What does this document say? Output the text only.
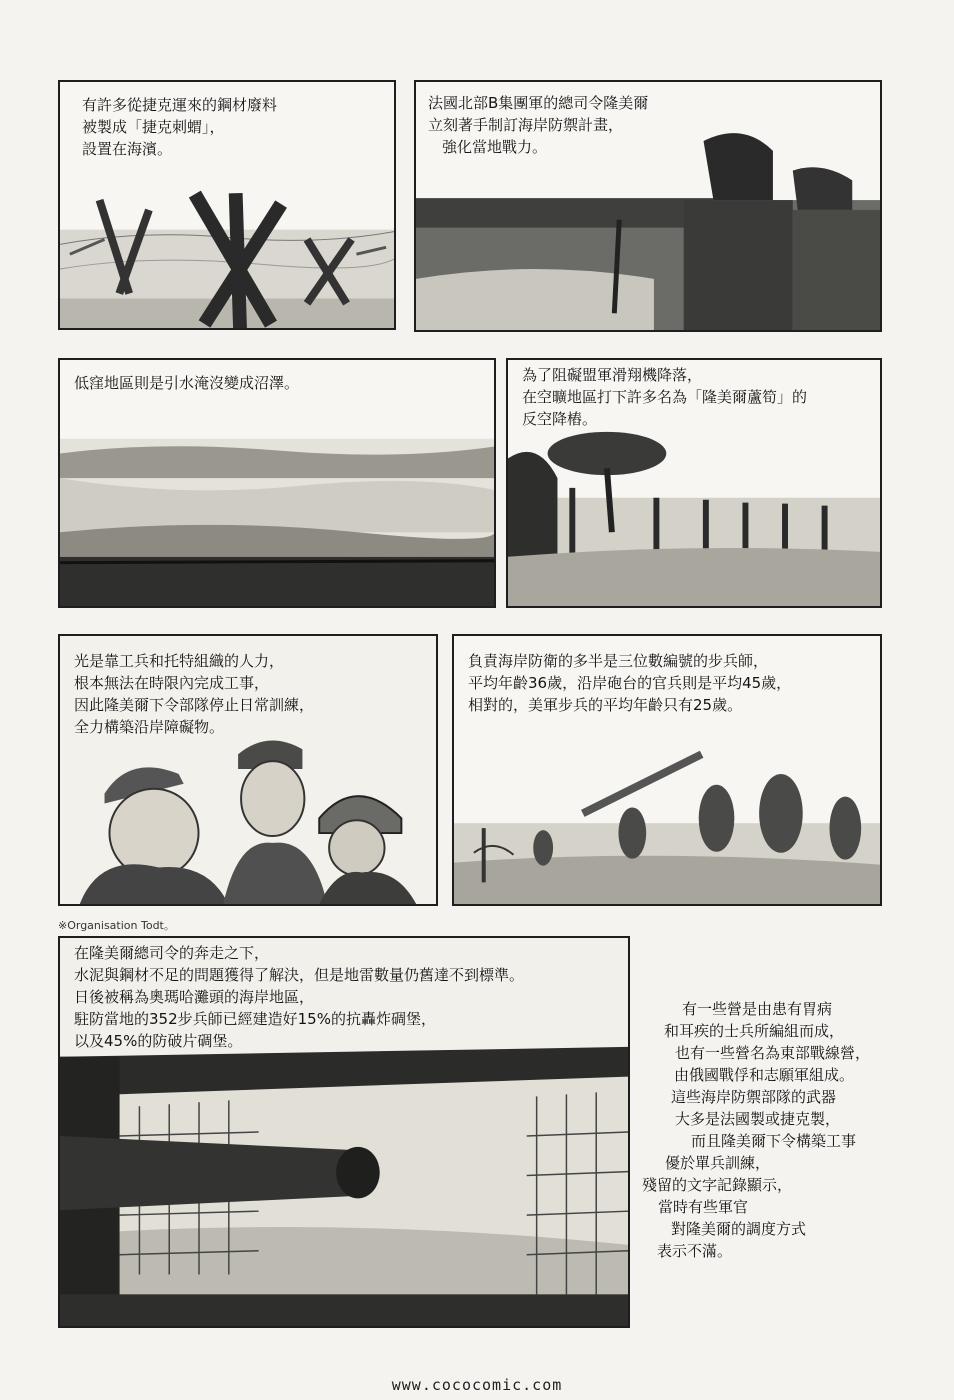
有許多從捷克運來的鋼材廢料
被製成「捷克刺蝟」，
設置在海濱。
法國北部B集團軍的總司令隆美爾
立刻著手制訂海岸防禦計畫，
強化當地戰力。
低窪地區則是引水淹沒變成沼澤。	為了阻礙盟軍滑翔機降落，
在空曠地區打下許多名為「隆美爾蘆筍」的
反空降樁。
光是靠工兵和托特組織的人力，
根本無法在時限內完成工事，
因此隆美爾下令部隊停止日常訓練，
全力構築沿岸障礙物。
負責海岸防衛的多半是三位數編號的步兵師，
平均年齡36歲，沿岸砲台的官兵則是平均45歲，
相對的，美軍步兵的平均年齡只有25歲。
※Organisation Todt。
在隆美爾總司令的奔走之下，
水泥與鋼材不足的問題獲得了解決，但是地雷數量仍舊達不到標準。
日後被稱為奧瑪哈灘頭的海岸地區，
駐防當地的352步兵師已經建造好15%的抗轟炸碉堡，
以及45%的防破片碉堡。
有一些營是由患有胃病
和耳疾的士兵所編組而成，
也有一些營名為東部戰線營，
由俄國戰俘和志願軍組成。
這些海岸防禦部隊的武器
大多是法國製或捷克製，
而且隆美爾下令構築工事
優於單兵訓練，
殘留的文字記錄顯示，
當時有些軍官
對隆美爾的調度方式
表示不滿。
www.cococomic.com
